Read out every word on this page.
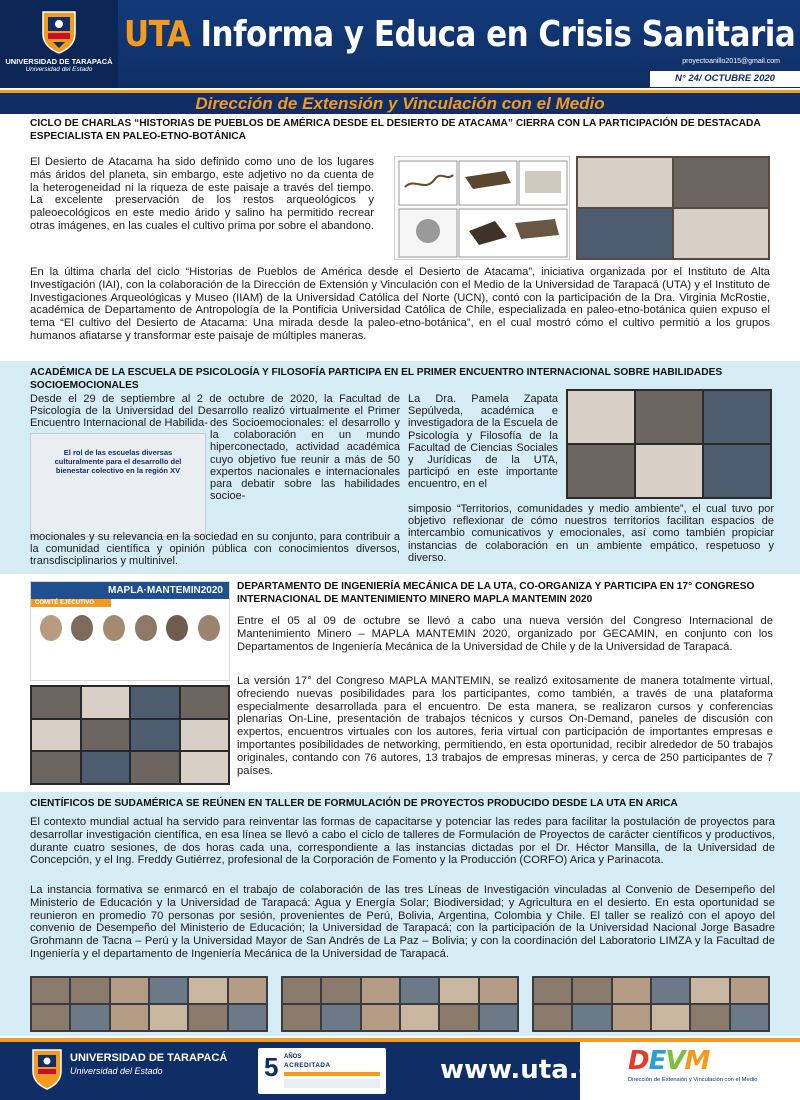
UNIVERSIDAD DE TARAPACÁ
Universidad del Estado
UTA Informa y Educa en Crisis Sanitaria
proyectoanillo2015@gmail.com
N° 24/ OCTUBRE 2020
Dirección de Extensión y Vinculación con el Medio
CICLO DE CHARLAS “HISTORIAS DE PUEBLOS DE AMÉRICA DESDE EL DESIERTO DE ATACAMA” CIERRA CON LA PARTICIPACIÓN DE DESTACADA ESPECIALISTA EN PALEO-ETNO-BOTÁNICA

El Desierto de Atacama ha sido definido como uno de los lugares más áridos del planeta, sin embargo, este adjetivo no da cuenta de la heterogeneidad ni la riqueza de este paisaje a través del tiempo. La excelente preservación de los restos arqueológicos y paleoecológicos en este medio árido y salino ha permitido recrear otras imágenes, en las cuales el cultivo prima por sobre el abandono.

En la última charla del ciclo “Historias de Pueblos de América desde el Desierto de Atacama”, iniciativa organizada por el Instituto de Alta Investigación (IAI), con la colaboración de la Dirección de Extensión y Vinculación con el Medio de la Universidad de Tarapacá (UTA) y el Instituto de Investigaciones Arqueológicas y Museo (IIAM) de la Universidad Católica del Norte (UCN), contó con la participación de la Dra. Virginia McRostie, académica de Departamento de Antropología de la Pontificia Universidad Católica de Chile, especializada en paleo-etno-botánica quien expuso el tema “El cultivo del Desierto de Atacama: Una mirada desde la paleo-etno-botánica”, en el cual mostró cómo el cultivo permitió a los grupos humanos afiatarse y transformar este paisaje de múltiples maneras.

ACADÉMICA DE LA ESCUELA DE PSICOLOGÍA Y FILOSOFÍA PARTICIPA EN EL PRIMER ENCUENTRO INTERNACIONAL SOBRE HABILIDADES SOCIOEMOCIONALES
Desde el 29 de septiembre al 2 de octubre de 2020, la Facultad de Psicología de la Universidad del Desarrollo realizó virtualmente el Primer Encuentro Internacional de Habilida-
El rol de las escuelas diversas culturalmente para el desarrollo del bienestar colectivo en la región XV
des Socioemocionales: el desarrollo y la colaboración en un mundo hiperconectado, actividad académica cuyo objetivo fue reunir a más de 50 expertos nacionales e internacionales para debatir sobre las habilidades socioe-
mocionales y su relevancia en la sociedad en su conjunto, para contribuir a la comunidad científica y opinión pública con conocimientos diversos, transdisciplinarios y multinivel.
La Dra. Pamela Zapata Sepúlveda, académica e investigadora de la Escuela de Psicología y Filosofía de la Facultad de Ciencias Sociales y Jurídicas de la UTA, participó en este importante encuentro, en el
simposio “Territorios, comunidades y medio ambiente”, el cual tuvo por objetivo reflexionar de cómo nuestros territorios facilitan espacios de intercambio comunicativos y emocionales, así como también propiciar instancias de colaboración en un ambiente empático, respetuoso y diverso.
MAPLA·MANTEMIN2020
COMITÉ EJECUTIVO
DEPARTAMENTO DE INGENIERÍA MECÁNICA DE LA UTA, CO-ORGANIZA Y PARTICIPA EN 17° CONGRESO INTERNACIONAL DE MANTENIMIENTO MINERO MAPLA MANTEMIN 2020

Entre el 05 al 09 de octubre se llevó a cabo una nueva versión del Congreso Internacional de Mantenimiento Minero – MAPLA MANTEMIN 2020, organizado por GECAMIN, en conjunto con los Departamentos de Ingeniería Mecánica de la Universidad de Chile y de la Universidad de Tarapacá.

La versión 17° del Congreso MAPLA MANTEMIN, se realizó exitosamente de manera totalmente virtual, ofreciendo nuevas posibilidades para los participantes, como también, a través de una plataforma especialmente desarrollada para el encuentro. De esta manera, se realizaron cursos y conferencias plenarias On-Line, presentación de trabajos técnicos y cursos On-Demand, paneles de discusión con expertos, encuentros virtuales con los autores, feria virtual con participación de importantes empresas e importantes posibilidades de networking, permitiendo, en esta oportunidad, recibir alrededor de 50 trabajos originales, contando con 76 autores, 13 trabajos de empresas mineras, y cerca de 250 participantes de 7 países.

CIENTÍFICOS DE SUDAMÉRICA SE REÚNEN EN TALLER DE FORMULACIÓN DE PROYECTOS PRODUCIDO DESDE LA UTA EN ARICA

El contexto mundial actual ha servido para reinventar las formas de capacitarse y potenciar las redes para facilitar la postulación de proyectos para desarrollar investigación científica, en esa línea se llevó a cabo el ciclo de talleres de Formulación de Proyectos de carácter científicos y productivos, durante cuatro sesiones, de dos horas cada una, correspondiente a las instancias dictadas por el Dr. Héctor Mansilla, de la Universidad de Concepción, y el Ing. Freddy Gutiérrez, profesional de la Corporación de Fomento y la Producción (CORFO) Arica y Parinacota.

La instancia formativa se enmarcó en el trabajo de colaboración de las tres Líneas de Investigación vinculadas al Convenio de Desempeño del Ministerio de Educación y la Universidad de Tarapacá: Agua y Energía Solar; Biodiversidad; y Agricultura en el desierto. En esta oportunidad se reunieron en promedio 70 personas por sesión, provenientes de Perú, Bolivia, Argentina, Colombia y Chile. El taller se realizó con el apoyo del convenio de Desempeño del Ministerio de Educación; la Universidad de Tarapacá; con la participación de la Universidad Nacional Jorge Basadre Grohmann de Tacna – Perú y la Universidad Mayor de San Andrés de La Paz – Bolivia; y con la coordinación del Laboratorio LIMZA y la Facultad de Ingeniería y el departamento de Ingeniería Mecánica de la Universidad de Tarapacá.

UNIVERSIDAD DE TARAPACÁ
Universidad del Estado	5 AÑOS
ACREDITADA	www.uta.cl DEVM
Dirección de Extensión y Vinculación con el Medio
